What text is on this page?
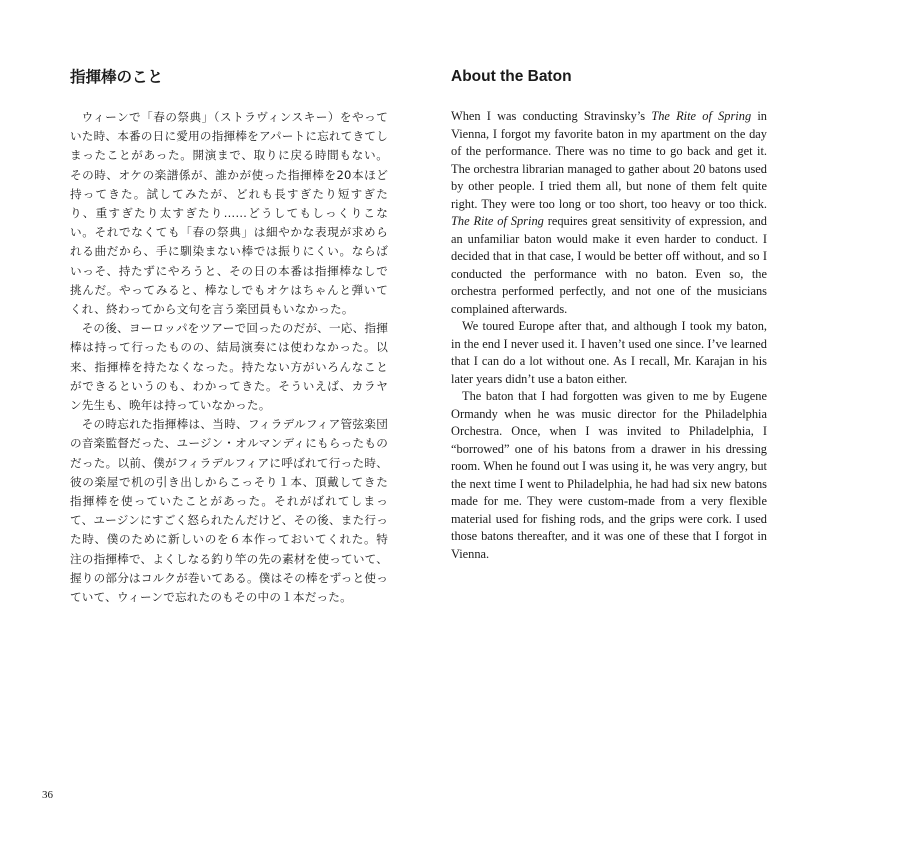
指揮棒のこと

ウィーンで「春の祭典」（ストラヴィンスキー）をやっていた時、本番の日に愛用の指揮棒をアパートに忘れてきてしまったことがあった。開演まで、取りに戻る時間もない。その時、オケの楽譜係が、誰かが使った指揮棒を20本ほど持ってきた。試してみたが、どれも長すぎたり短すぎたり、重すぎたり太すぎたり……どうしてもしっくりこない。それでなくても「春の祭典」は細やかな表現が求められる曲だから、手に馴染まない棒では振りにくい。ならばいっそ、持たずにやろうと、その日の本番は指揮棒なしで挑んだ。やってみると、棒なしでもオケはちゃんと弾いてくれ、終わってから文句を言う楽団員もいなかった。

その後、ヨーロッパをツアーで回ったのだが、一応、指揮棒は持って行ったものの、結局演奏には使わなかった。以来、指揮棒を持たなくなった。持たない方がいろんなことができるというのも、わかってきた。そういえば、カラヤン先生も、晩年は持っていなかった。

その時忘れた指揮棒は、当時、フィラデルフィア管弦楽団の音楽監督だった、ユージン・オルマンディにもらったものだった。以前、僕がフィラデルフィアに呼ばれて行った時、彼の楽屋で机の引き出しからこっそり１本、頂戴してきた指揮棒を使っていたことがあった。それがばれてしまって、ユージンにすごく怒られたんだけど、その後、また行った時、僕のために新しいのを６本作っておいてくれた。特注の指揮棒で、よくしなる釣り竿の先の素材を使っていて、握りの部分はコルクが巻いてある。僕はその棒をずっと使っていて、ウィーンで忘れたのもその中の１本だった。

About the Baton

When I was conducting Stravinsky’s The Rite of Spring in Vienna, I forgot my favorite baton in my apartment on the day of the performance. There was no time to go back and get it. The orchestra librarian managed to gather about 20 batons used by other people. I tried them all, but none of them felt quite right. They were too long or too short, too heavy or too thick. The Rite of Spring requires great sensitivity of expression, and an unfamiliar baton would make it even harder to conduct. I decided that in that case, I would be better off without, and so I conducted the performance with no baton. Even so, the orchestra performed perfectly, and not one of the musicians complained afterwards.

We toured Europe after that, and although I took my baton, in the end I never used it. I haven’t used one since. I’ve learned that I can do a lot without one. As I recall, Mr. Karajan in his later years didn’t use a baton either.

The baton that I had forgotten was given to me by Eugene Ormandy when he was music director for the Philadelphia Orchestra. Once, when I was invited to Philadelphia, I “borrowed” one of his batons from a drawer in his dressing room. When he found out I was using it, he was very angry, but the next time I went to Philadelphia, he had had six new batons made for me. They were custom-made from a very flexible material used for fishing rods, and the grips were cork. I used those batons thereafter, and it was one of these that I forgot in Vienna.

36
